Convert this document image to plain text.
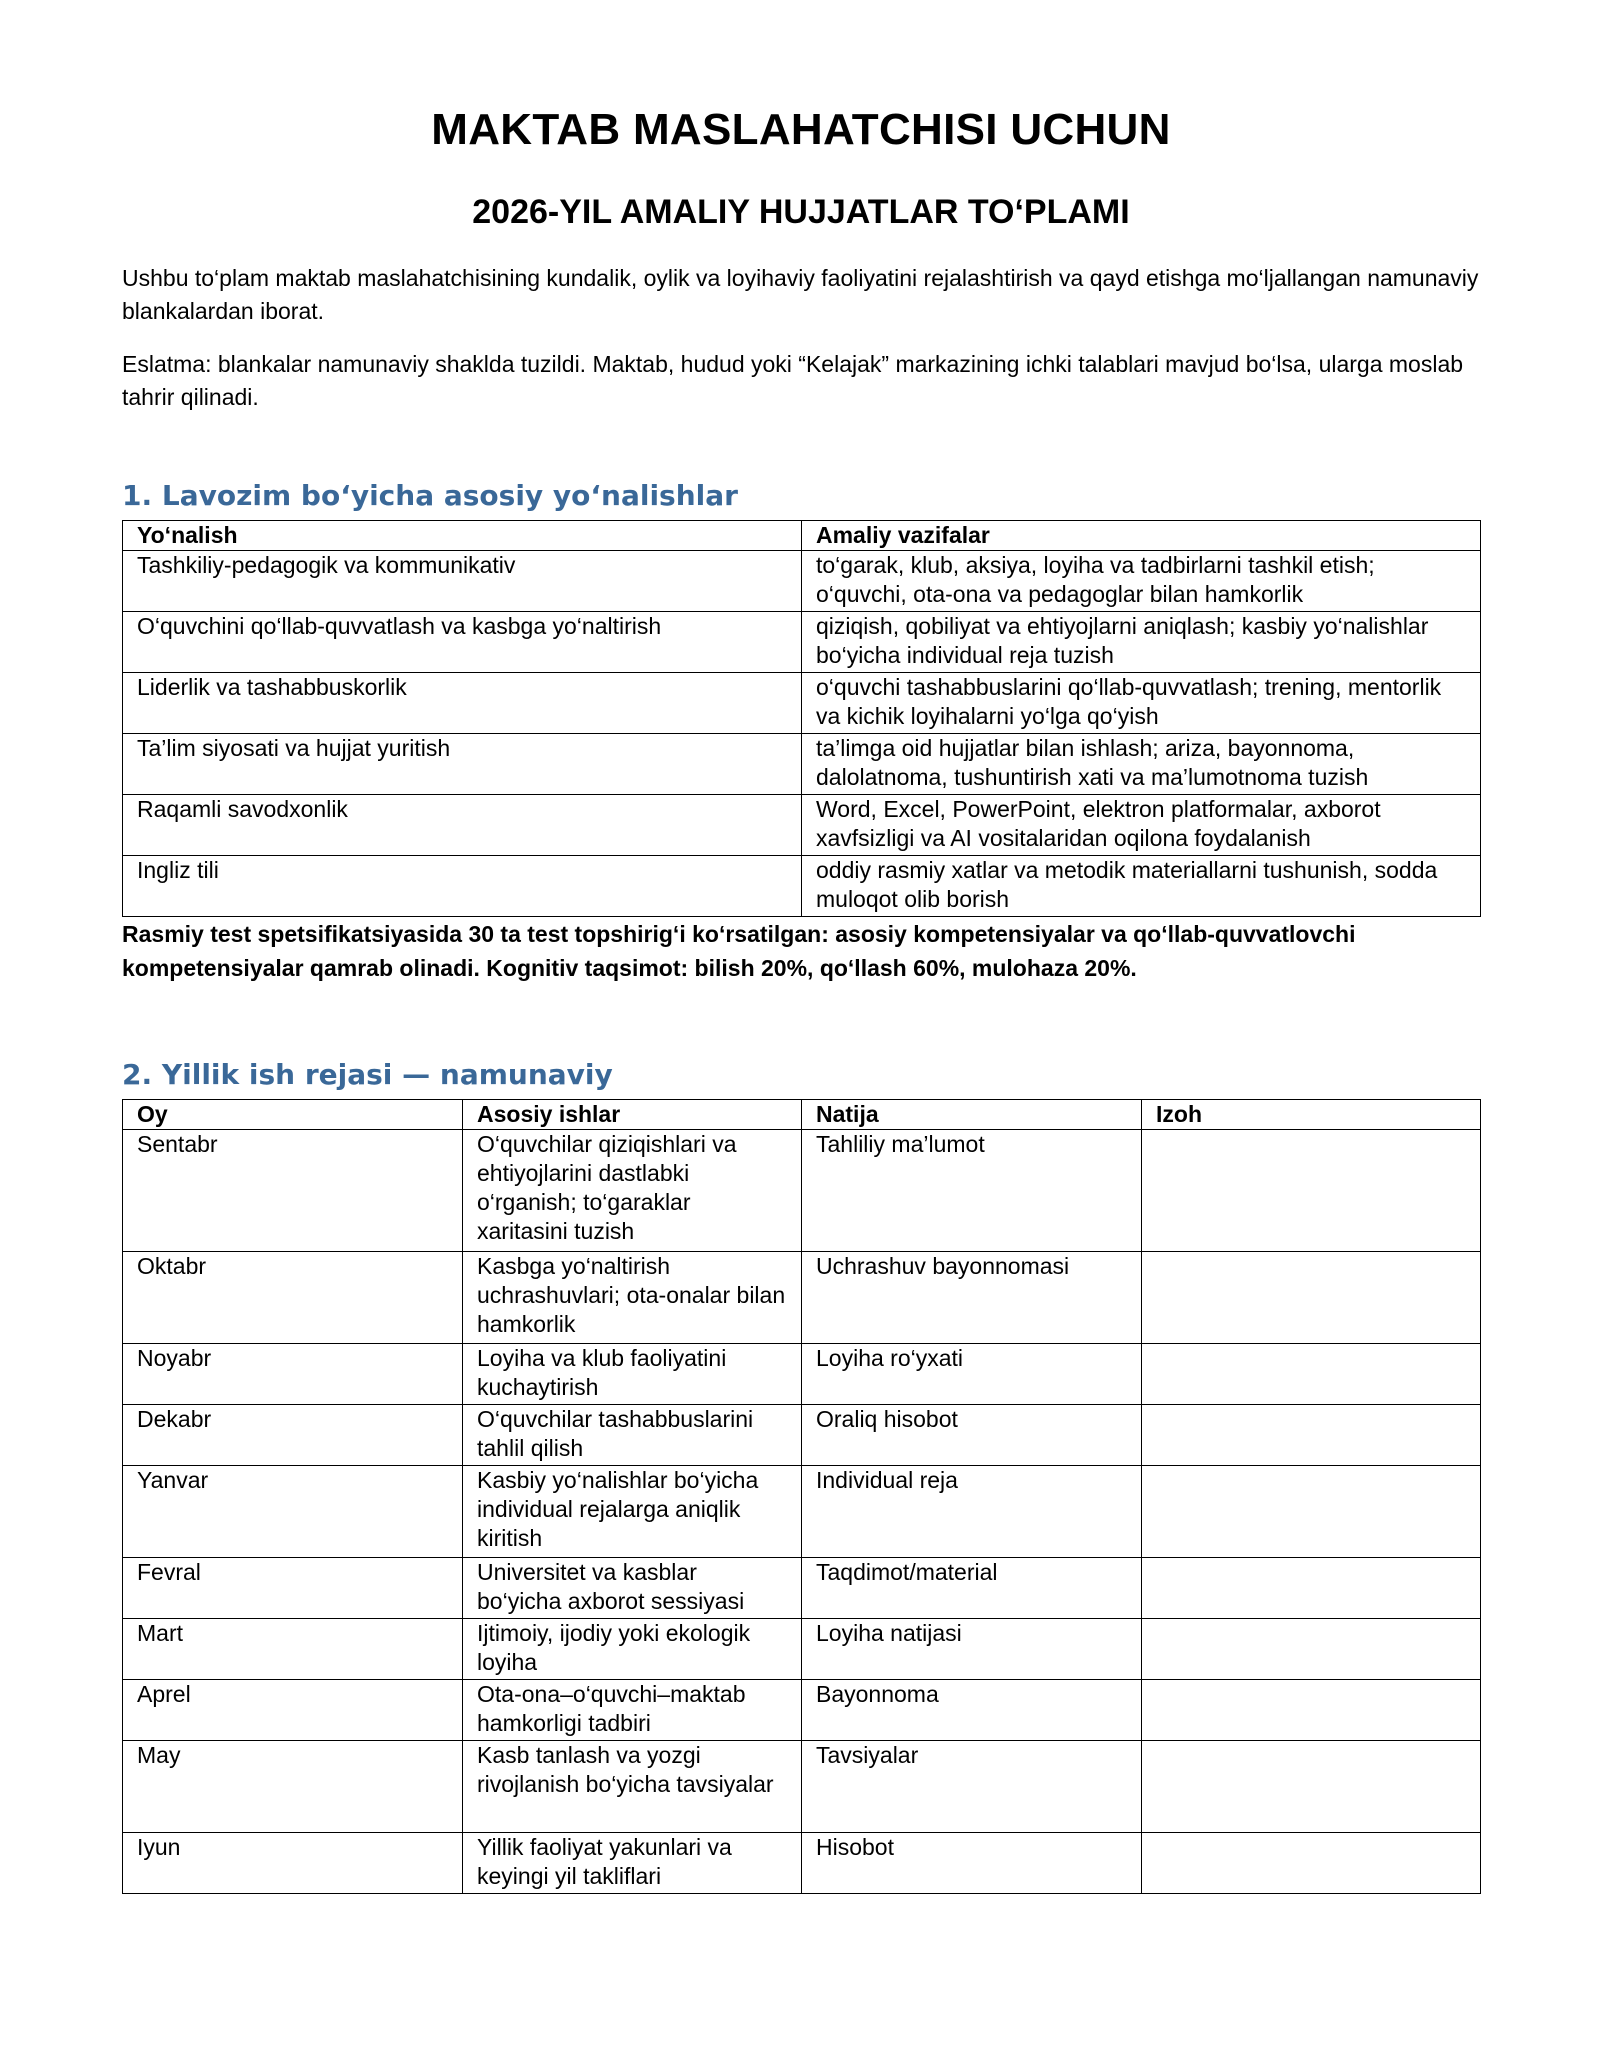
MAKTAB MASLAHATCHISI UCHUN
2026-YIL AMALIY HUJJATLAR TO‘PLAMI

Ushbu to‘plam maktab maslahatchisining kundalik, oylik va loyihaviy faoliyatini rejalashtirish va qayd etishga mo‘ljallangan namunaviy blankalardan iborat.

Eslatma: blankalar namunaviy shaklda tuzildi. Maktab, hudud yoki “Kelajak” markazining ichki talablari mavjud bo‘lsa, ularga moslab tahrir qilinadi.

1. Lavozim bo‘yicha asosiy yo‘nalishlar
Yo‘nalish	Amaliy vazifalar
Tashkiliy-pedagogik va kommunikativ	to‘garak, klub, aksiya, loyiha va tadbirlarni tashkil etish; o‘quvchi, ota-ona va pedagoglar bilan hamkorlik
O‘quvchini qo‘llab-quvvatlash va kasbga yo‘naltirish	qiziqish, qobiliyat va ehtiyojlarni aniqlash; kasbiy yo‘nalishlar bo‘yicha individual reja tuzish
Liderlik va tashabbuskorlik	o‘quvchi tashabbuslarini qo‘llab-quvvatlash; trening, mentorlik va kichik loyihalarni yo‘lga qo‘yish
Ta’lim siyosati va hujjat yuritish	ta’limga oid hujjatlar bilan ishlash; ariza, bayonnoma, dalolatnoma, tushuntirish xati va ma’lumotnoma tuzish
Raqamli savodxonlik	Word, Excel, PowerPoint, elektron platformalar, axborot xavfsizligi va AI vositalaridan oqilona foydalanish
Ingliz tili	oddiy rasmiy xatlar va metodik materiallarni tushunish, sodda muloqot olib borish

Rasmiy test spetsifikatsiyasida 30 ta test topshirig‘i ko‘rsatilgan: asosiy kompetensiyalar va qo‘llab-quvvatlovchi kompetensiyalar qamrab olinadi. Kognitiv taqsimot: bilish 20%, qo‘llash 60%, mulohaza 20%.

2. Yillik ish rejasi — namunaviy
Oy	Asosiy ishlar	Natija	Izoh
Sentabr	O‘quvchilar qiziqishlari va ehtiyojlarini dastlabki o‘rganish; to‘garaklar xaritasini tuzish	Tahliliy ma’lumot	
Oktabr	Kasbga yo‘naltirish uchrashuvlari; ota-onalar bilan hamkorlik	Uchrashuv bayonnomasi	
Noyabr	Loyiha va klub faoliyatini kuchaytirish	Loyiha ro‘yxati	
Dekabr	O‘quvchilar tashabbuslarini tahlil qilish	Oraliq hisobot	
Yanvar	Kasbiy yo‘nalishlar bo‘yicha individual rejalarga aniqlik kiritish	Individual reja	
Fevral	Universitet va kasblar bo‘yicha axborot sessiyasi	Taqdimot/material	
Mart	Ijtimoiy, ijodiy yoki ekologik loyiha	Loyiha natijasi	
Aprel	Ota-ona–o‘quvchi–maktab hamkorligi tadbiri	Bayonnoma	
May	Kasb tanlash va yozgi rivojlanish bo‘yicha tavsiyalar	Tavsiyalar	
Iyun	Yillik faoliyat yakunlari va keyingi yil takliflari	Hisobot	
